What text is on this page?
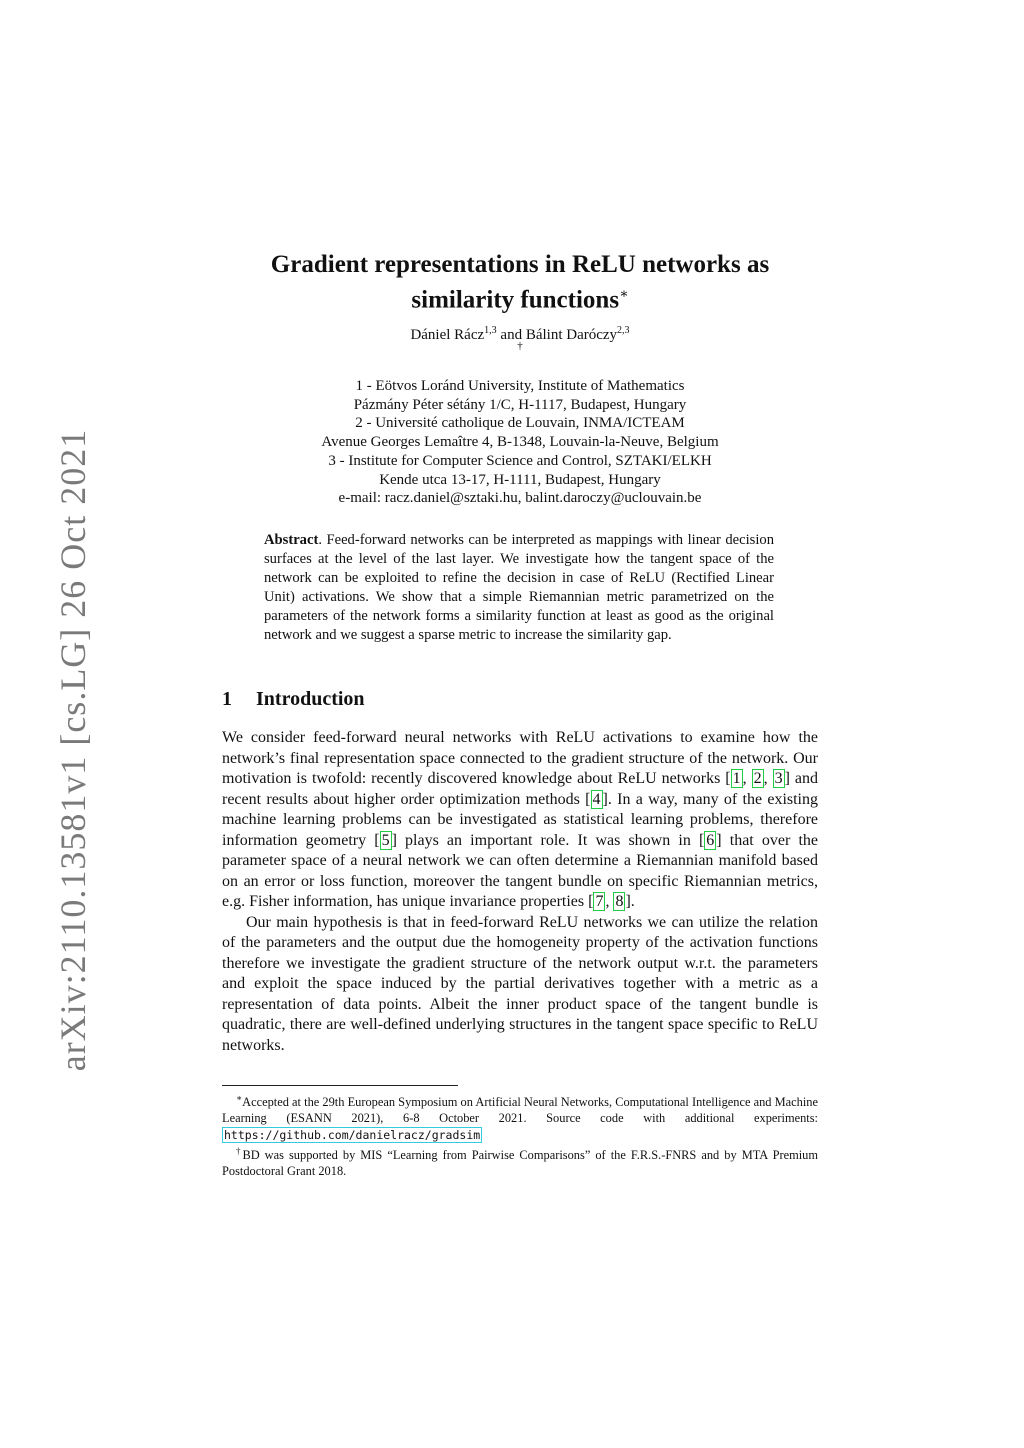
arXiv:2110.13581v1 [cs.LG] 26 Oct 2021
Gradient representations in ReLU networks as
similarity functions∗
Dániel Rácz$^{1,3}$ and Bálint Daróczy$^{2,3}$
†
1 - Eötvos Loránd University, Institute of Mathematics
Pázmány Péter sétány 1/C, H-1117, Budapest, Hungary
2 - Université catholique de Louvain, INMA/ICTEAM
Avenue Georges Lemaître 4, B-1348, Louvain-la-Neuve, Belgium
3 - Institute for Computer Science and Control, SZTAKI/ELKH
Kende utca 13-17, H-1111, Budapest, Hungary
e-mail: racz.daniel@sztaki.hu, balint.daroczy@uclouvain.be
Abstract. Feed-forward networks can be interpreted as mappings with linear decision surfaces at the level of the last layer. We investigate how the tangent space of the network can be exploited to refine the decision in case of ReLU (Rectified Linear Unit) activations. We show that a simple Riemannian metric parametrized on the parameters of the network forms a similarity function at least as good as the original network and we suggest a sparse metric to increase the similarity gap.
1 Introduction

We consider feed-forward neural networks with ReLU activations to examine how the network’s final representation space connected to the gradient structure of the network. Our motivation is twofold: recently discovered knowledge about ReLU networks [ 1 , 2 , 3 ] and recent results about higher order optimization methods [ 4 ]. In a way, many of the existing machine learning problems can be investigated as statistical learning problems, therefore information geometry [ 5 ] plays an important role. It was shown in [ 6 ] that over the parameter space of a neural network we can often determine a Riemannian manifold based on an error or loss function, moreover the tangent bundle on specific Riemannian metrics, e.g. Fisher information, has unique invariance properties [ 7 , 8 ].

Our main hypothesis is that in feed-forward ReLU networks we can utilize the relation of the parameters and the output due the homogeneity property of the activation functions therefore we investigate the gradient structure of the network output w.r.t. the parameters and exploit the space induced by the partial derivatives together with a metric as a representation of data points. Albeit the inner product space of the tangent bundle is quadratic, there are well-defined underlying structures in the tangent space specific to ReLU networks.

∗Accepted at the 29th European Symposium on Artificial Neural Networks, Computational Intelligence and Machine Learning (ESANN 2021), 6-8 October 2021. Source code with additional experiments: https://github.com/danielracz/gradsim

†BD was supported by MIS “Learning from Pairwise Comparisons” of the F.R.S.-FNRS and by MTA Premium Postdoctoral Grant 2018.
